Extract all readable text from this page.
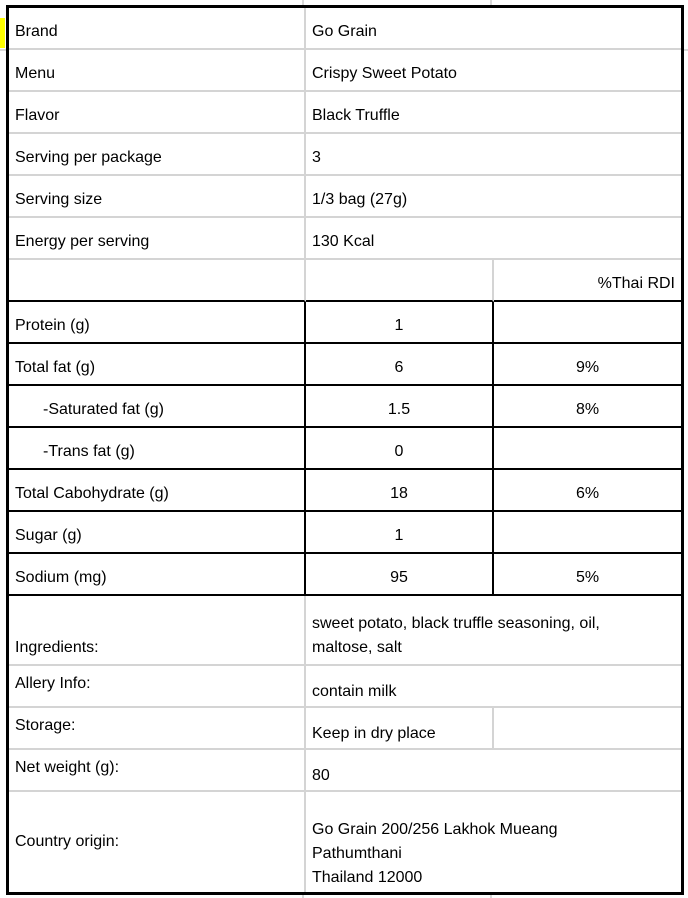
Brand	Go Grain
Menu	Crispy Sweet Potato
Flavor	Black Truffle
Serving per package	3
Serving size	1/3 bag (27g)
Energy per serving	130 Kcal
%Thai RDI
Protein (g)	1
Total fat (g)	6	9%
-Saturated fat (g)	1.5	8%
-Trans fat (g)	0
Total Cabohydrate (g)	18	6%
Sugar (g)	1
Sodium (mg)	95	5%
Ingredients:
sweet potato, black truffle seasoning, oil,
maltose, salt
Allery Info:	contain milk
Storage:	Keep in dry place
Net weight (g):	80
Country origin:
Go Grain 200/256 Lakhok Mueang
Pathumthani
Thailand 12000
